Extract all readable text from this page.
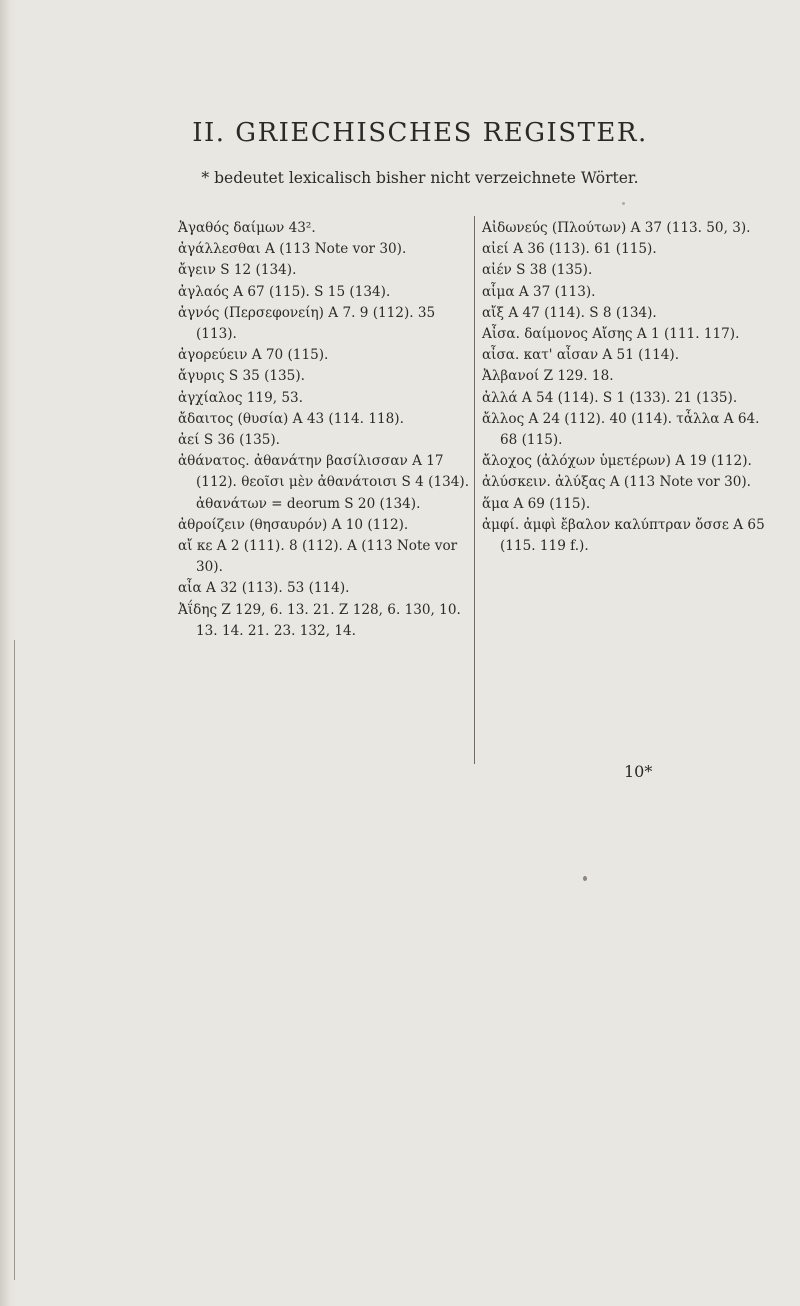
II. GRIECHISCHES REGISTER.
* bedeutet lexicalisch bisher nicht verzeichnete Wörter.

Ἀγαθός δαίμων 43².

ἀγάλλεσθαι A (113 Note vor 30).

ἄγειν S 12 (134).

ἀγλαός A 67 (115). S 15 (134).

ἀγνός (Περσεφονείη) A 7. 9 (112). 35 (113).

ἀγορεύειν A 70 (115).

ἄγυρις S 35 (135).

ἀγχίαλος 119, 53.

ἄδαιτος (θυσία) A 43 (114. 118).

ἀεί S 36 (135).

ἀθάνατος. ἀθανάτην βασίλισσαν A 17 (112). θεοῖσι μὲν ἀθανάτοισι S 4 (134). ἀθανάτων = deorum S 20 (134).

ἀθροίζειν (θησαυρόν) A 10 (112).

αἴ κε A 2 (111). 8 (112). A (113 Note vor 30).

αἶα A 32 (113). 53 (114).

Ἀΐδης Z 129, 6. 13. 21. Z 128, 6. 130, 10. 13. 14. 21. 23. 132, 14.

Αἰδωνεύς (Πλούτων) A 37 (113. 50, 3).

αἰεί A 36 (113). 61 (115).

αἰέν S 38 (135).

αἷμα A 37 (113).

αἴξ A 47 (114). S 8 (134).

Αἶσα. δαίμονος Αἴσης A 1 (111. 117).

αἶσα. κατ' αἶσαν A 51 (114).

Ἀλβανοί Z 129. 18.

ἀλλά A 54 (114). S 1 (133). 21 (135).

ἄλλος A 24 (112). 40 (114). τἆλλα A 64. 68 (115).

ἄλοχος (ἀλόχων ὑμετέρων) A 19 (112).

ἀλύσκειν. ἀλύξας A (113 Note vor 30).

ἅμα A 69 (115).

ἀμφί. ἀμφὶ ἔβαλον καλύπτραν ὄσσε A 65 (115. 119 f.).

10*
